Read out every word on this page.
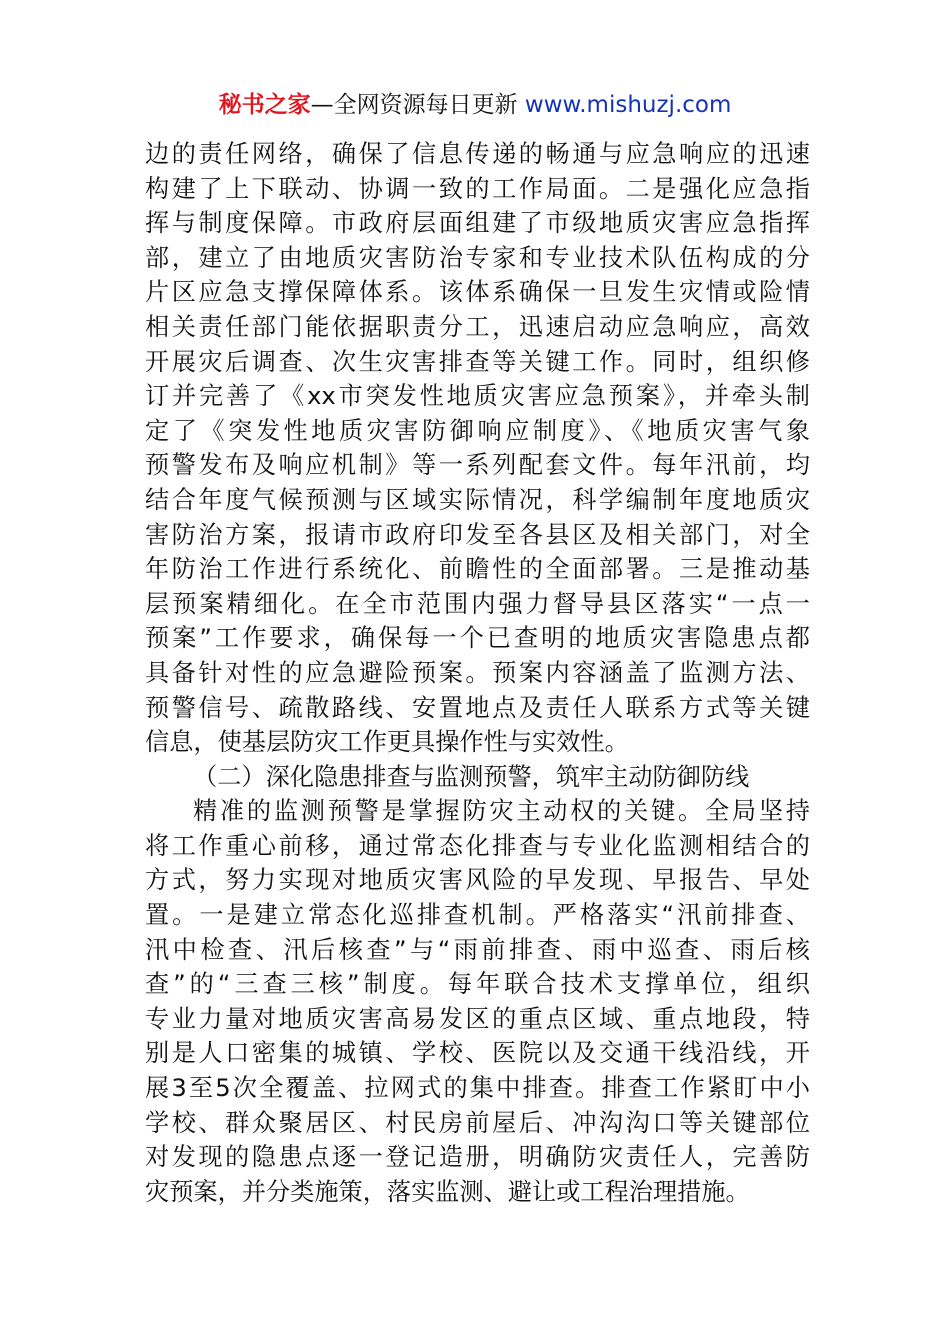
秘书之家—全网资源每日更新 www.mishuzj.com
边的责任网络，确保了信息传递的畅通与应急响应的迅速
构建了上下联动、协调一致的工作局面。二是强化应急指
挥与制度保障。市政府层面组建了市级地质灾害应急指挥
部，建立了由地质灾害防治专家和专业技术队伍构成的分
片区应急支撑保障体系。该体系确保一旦发生灾情或险情
相关责任部门能依据职责分工，迅速启动应急响应，高效
开展灾后调查、次生灾害排查等关键工作。同时，组织修
订并完善了《xx市突发性地质灾害应急预案》，并牵头制
定了《突发性地质灾害防御响应制度》、《地质灾害气象
预警发布及响应机制》等一系列配套文件。每年汛前，均
结合年度气候预测与区域实际情况，科学编制年度地质灾
害防治方案，报请市政府印发至各县区及相关部门，对全
年防治工作进行系统化、前瞻性的全面部署。三是推动基
层预案精细化。在全市范围内强力督导县区落实“一点一
预案”工作要求，确保每一个已查明的地质灾害隐患点都
具备针对性的应急避险预案。预案内容涵盖了监测方法、
预警信号、疏散路线、安置地点及责任人联系方式等关键
信息，使基层防灾工作更具操作性与实效性。
（二）深化隐患排查与监测预警，筑牢主动防御防线
精准的监测预警是掌握防灾主动权的关键。全局坚持
将工作重心前移，通过常态化排查与专业化监测相结合的
方式，努力实现对地质灾害风险的早发现、早报告、早处
置。一是建立常态化巡排查机制。严格落实“汛前排查、
汛中检查、汛后核查”与“雨前排查、雨中巡查、雨后核
查”的“三查三核”制度。每年联合技术支撑单位，组织
专业力量对地质灾害高易发区的重点区域、重点地段，特
别是人口密集的城镇、学校、医院以及交通干线沿线，开
展3至5次全覆盖、拉网式的集中排查。排查工作紧盯中小
学校、群众聚居区、村民房前屋后、冲沟沟口等关键部位
对发现的隐患点逐一登记造册，明确防灾责任人，完善防
灾预案，并分类施策，落实监测、避让或工程治理措施。
